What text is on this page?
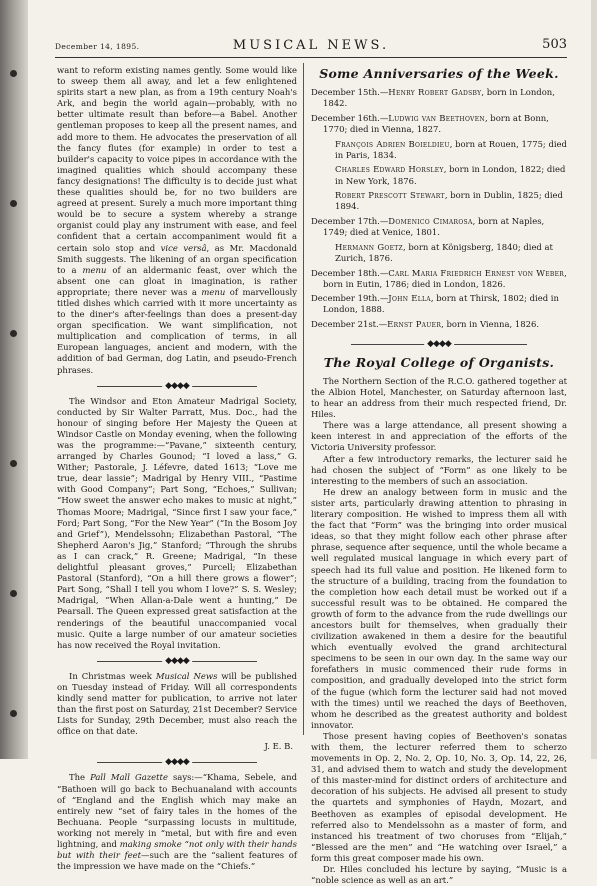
December 14, 1895.	MUSICAL NEWS.	503

want to reform existing names gently. Some would like to sweep them all away, and let a few enlightened spirits start a new plan, as from a 19th century Noah's Ark, and begin the world again—probably, with no better ultimate result than before—a Babel. Another gentleman proposes to keep all the present names, and add more to them. He advocates the preservation of all the fancy flutes (for example) in order to test a builder's capacity to voice pipes in accordance with the imagined qualities which should accompany these fancy designations! The difficulty is to decide just what these qualities should be, for no two builders are agreed at present. Surely a much more important thing would be to secure a system whereby a strange organist could play any instrument with ease, and feel confident that a certain accompaniment would fit a certain solo stop and vice versâ, as Mr. Macdonald Smith suggests. The likening of an organ specification to a menu of an aldermanic feast, over which the absent one can gloat in imagination, is rather appropriate; there never was a menu of marvellously titled dishes which carried with it more uncertainty as to the diner's after-feelings than does a present-day organ specification. We want simplification, not multiplication and complication of terms, in all European languages, ancient and modern, with the addition of bad German, dog Latin, and pseudo-French phrases.

◆◆◆◆

The Windsor and Eton Amateur Madrigal Society, conducted by Sir Walter Parratt, Mus. Doc., had the honour of singing before Her Majesty the Queen at Windsor Castle on Monday evening, when the following was the programme:—“Pavane,” sixteenth century, arranged by Charles Gounod; “I loved a lass,” G. Wither; Pastorale, J. Léfevre, dated 1613; “Love me true, dear lassie”; Madrigal by Henry VIII., “Pastime with Good Company”; Part Song, “Echoes,” Sullivan; “How sweet the answer echo makes to music at night,” Thomas Moore; Madrigal, “Since first I saw your face,” Ford; Part Song, “For the New Year” (“In the Bosom Joy and Grief”), Mendelssohn; Elizabethan Pastoral, “The Shepherd Aaron's Jig,” Stanford; “Through the shrubs as I can crack,” R. Greene; Madrigal, “In these delightful pleasant groves,” Purcell; Elizabethan Pastoral (Stanford), “On a hill there grows a flower”; Part Song, “Shall I tell you whom I love?” S. S. Wesley; Madrigal, “When Allan-a-Dale went a hunting,” De Pearsall. The Queen expressed great satisfaction at the renderings of the beautiful unaccompanied vocal music. Quite a large number of our amateur societies has now received the Royal invitation.

◆◆◆◆

In Christmas week Musical News will be published on Tuesday instead of Friday. Will all correspondents kindly send matter for publication, to arrive not later than the first post on Saturday, 21st December? Service Lists for Sunday, 29th December, must also reach the office on that date.

J. E. B.

◆◆◆◆

The Pall Mall Gazette says:—“Khama, Sebele, and “Bathoen will go back to Bechuanaland with accounts of “England and the English which may make an entirely new “set of fairy tales in the homes of the Bechuana. People “surpassing locusts in multitude, working not merely in “metal, but with fire and even lightning, and making smoke “not only with their hands but with their feet—such are the “salient features of the impression we have made on the “Chiefs.”

Some Anniversaries of the Week.

December 15th.—Henry Robert Gadsby, born in London, 1842.

December 16th.—Ludwig van Beethoven, born at Bonn, 1770; died in Vienna, 1827.

François Adrien Boieldieu, born at Rouen, 1775; died in Paris, 1834.

Charles Edward Horsley, born in London, 1822; died in New York, 1876.

Robert Prescott Stewart, born in Dublin, 1825; died 1894.

December 17th.—Domenico Cimarosa, born at Naples, 1749; died at Venice, 1801.

Hermann Goetz, born at Königsberg, 1840; died at Zurich, 1876.

December 18th.—Carl Maria Friedrich Ernest von Weber, born in Eutin, 1786; died in London, 1826.

December 19th.—John Ella, born at Thirsk, 1802; died in London, 1888.

December 21st.—Ernst Pauer, born in Vienna, 1826.

◆◆◆◆
The Royal College of Organists.

The Northern Section of the R.C.O. gathered together at the Albion Hotel, Manchester, on Saturday afternoon last, to hear an address from their much respected friend, Dr. Hiles.

There was a large attendance, all present showing a keen interest in and appreciation of the efforts of the Victoria University professor.

After a few introductory remarks, the lecturer said he had chosen the subject of “Form” as one likely to be interesting to the members of such an association.

He drew an analogy between form in music and the sister arts, particularly drawing attention to phrasing in literary composition. He wished to impress them all with the fact that “Form” was the bringing into order musical ideas, so that they might follow each other phrase after phrase, sequence after sequence, until the whole became a well regulated musical language in which every part of speech had its full value and position. He likened form to the structure of a building, tracing from the foundation to the completion how each detail must be worked out if a successful result was to be obtained. He compared the growth of form to the advance from the rude dwellings our ancestors built for themselves, when gradually their civilization awakened in them a desire for the beautiful which eventually evolved the grand architectural specimens to be seen in our own day. In the same way our forefathers in music commenced their rude forms in composition, and gradually developed into the strict form of the fugue (which form the lecturer said had not moved with the times) until we reached the days of Beethoven, whom he described as the greatest authority and boldest innovator.

Those present having copies of Beethoven's sonatas with them, the lecturer referred them to scherzo movements in Op. 2, No. 2, Op. 10, No. 3, Op. 14, 22, 26, 31, and advised them to watch and study the development of this master-mind for distinct orders of architecture and decoration of his subjects. He advised all present to study the quartets and symphonies of Haydn, Mozart, and Beethoven as examples of episodal development. He referred also to Mendelssohn as a master of form, and instanced his treatment of two choruses from “Elijah,” “Blessed are the men” and “He watching over Israel,” a form this great composer made his own.

Dr. Hiles concluded his lecture by saying, “Music is a “noble science as well as an art.”
